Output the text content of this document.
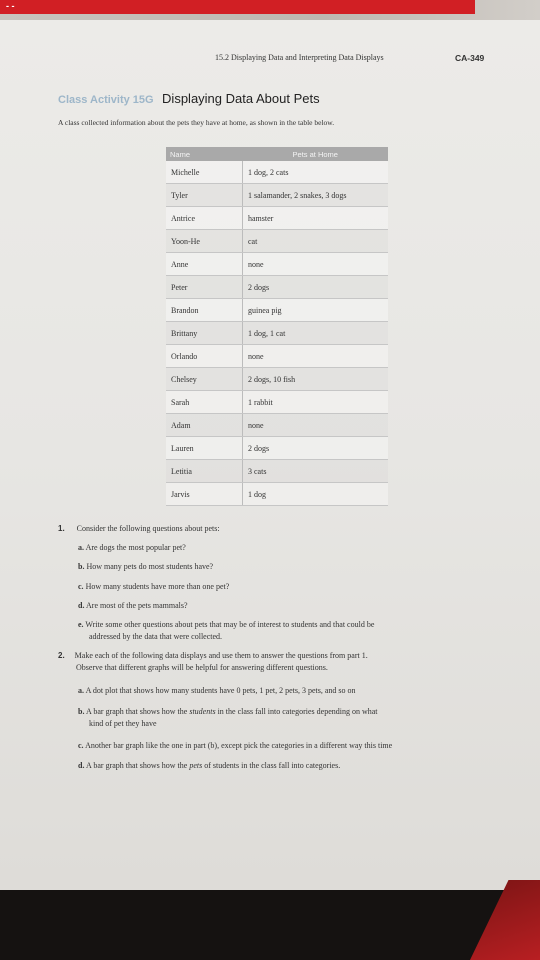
- -
15.2 Displaying Data and Interpreting Data Displays	CA-349
Class Activity 15G Displaying Data About Pets
A class collected information about the pets they have at home, as shown in the table below.
Name	Pets at Home
Michelle	1 dog, 2 cats
Tyler	1 salamander, 2 snakes, 3 dogs
Antrice	hamster
Yoon-He	cat
Anne	none
Peter	2 dogs
Brandon	guinea pig
Brittany	1 dog, 1 cat
Orlando	none
Chelsey	2 dogs, 10 fish
Sarah	1 rabbit
Adam	none
Lauren	2 dogs
Letitia	3 cats
Jarvis	1 dog
1. Consider the following questions about pets:
a. Are dogs the most popular pet?
b. How many pets do most students have?
c. How many students have more than one pet?
d. Are most of the pets mammals?
e. Write some other questions about pets that may be of interest to students and that could be
addressed by the data that were collected.
2. Make each of the following data displays and use them to answer the questions from part 1.
Observe that different graphs will be helpful for answering different questions.
a. A dot plot that shows how many students have 0 pets, 1 pet, 2 pets, 3 pets, and so on
b. A bar graph that shows how the students in the class fall into categories depending on what
kind of pet they have
c. Another bar graph like the one in part (b), except pick the categories in a different way this time
d. A bar graph that shows how the pets of students in the class fall into categories.
